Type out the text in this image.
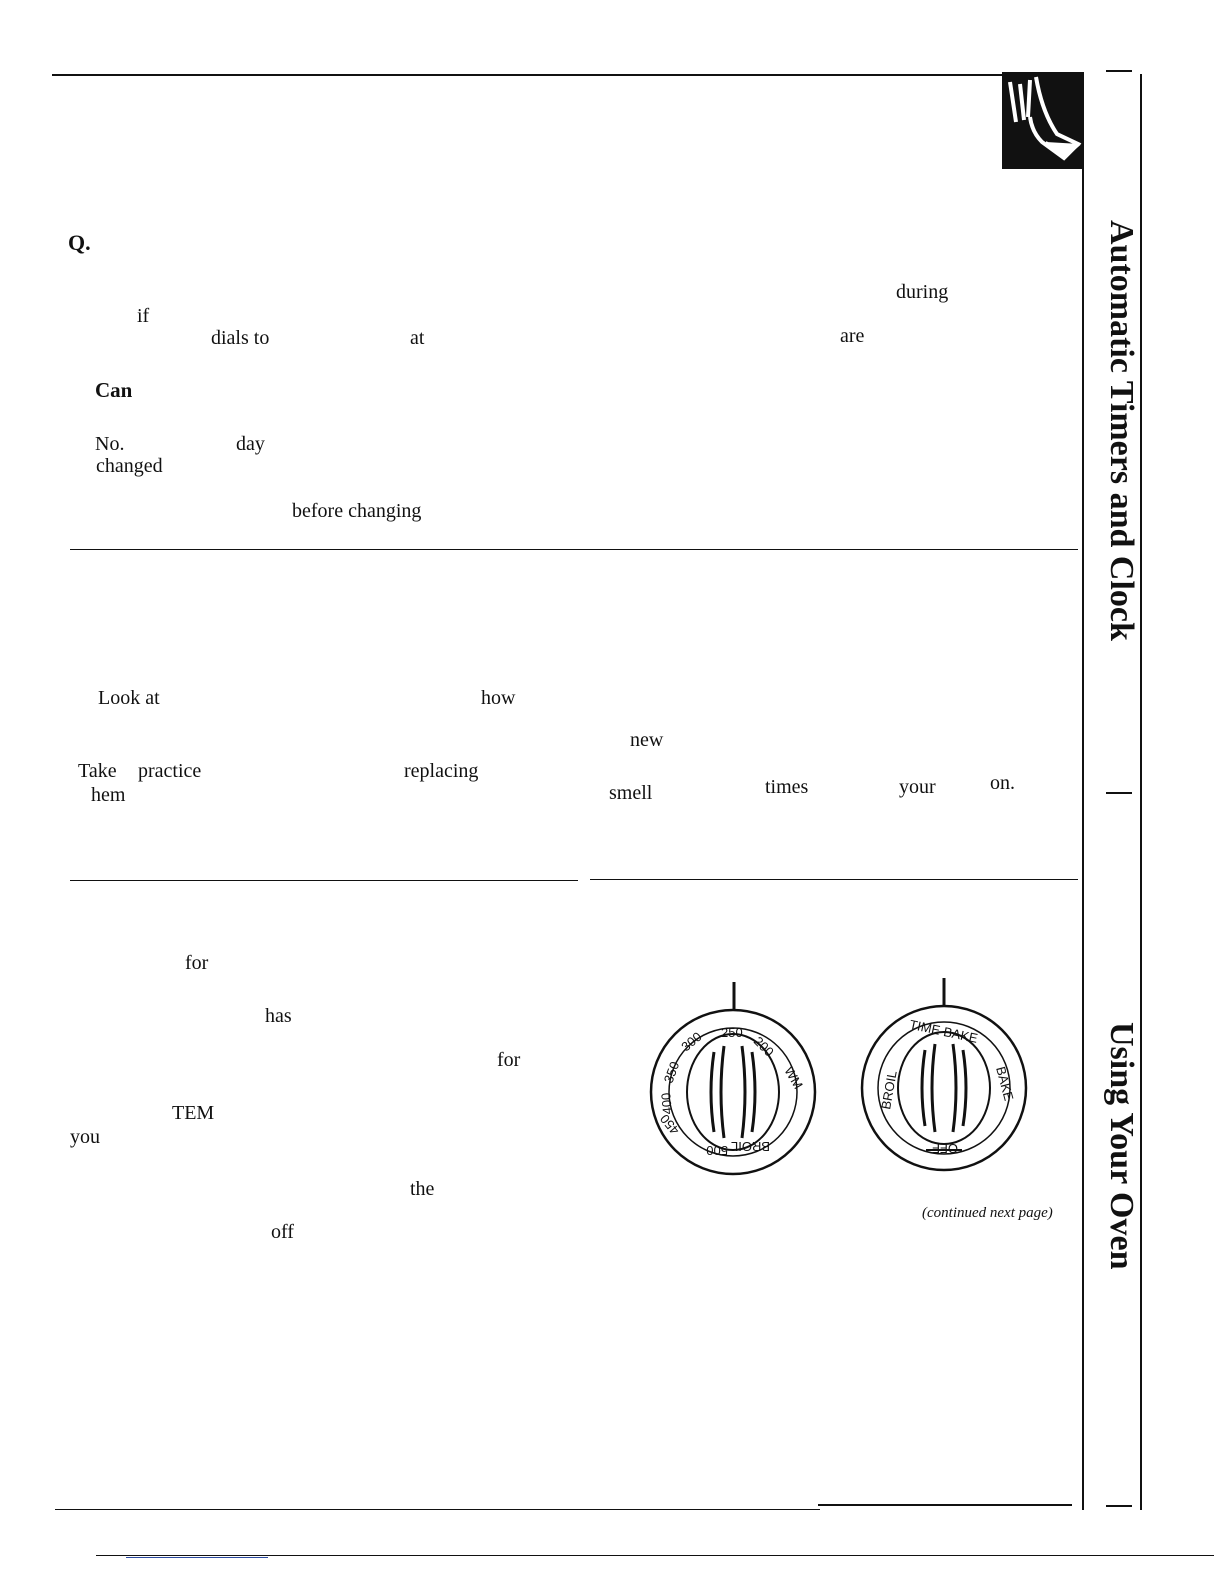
Automatic Timers and Clock
Using Your Oven
Q.
during
if
dials to	at	are
Can
No.	day
changed
before changing
Look at	how
new
Take practice	replacing
hem	smell	times	your	on.
for
has
for
TEM
you
the
off
(continued next page)
250
200
WM
300
350
400
450
500 BROIL
TIME BAKE
BAKE
BROIL
OFF
